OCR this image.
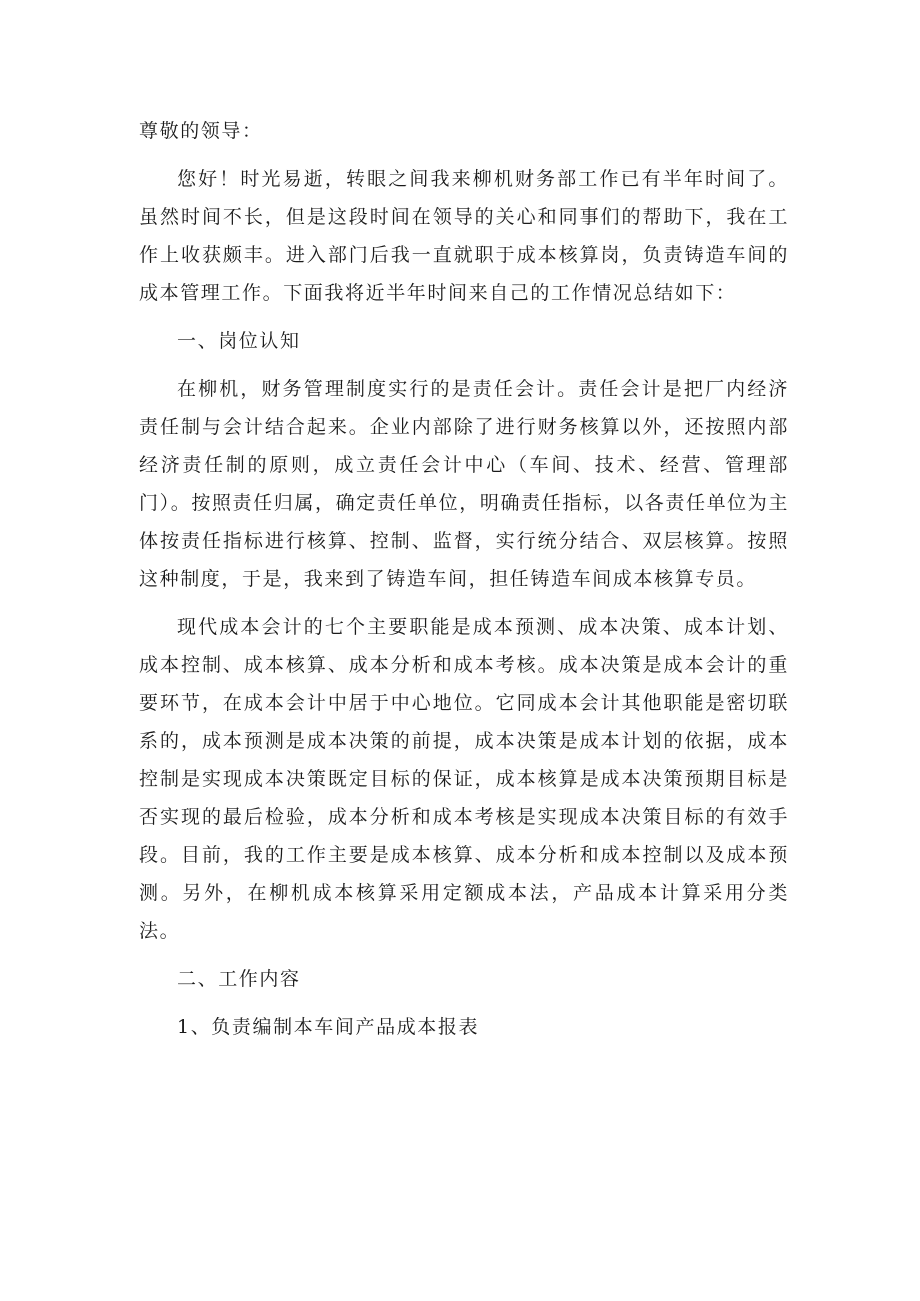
尊敬的领导：

您好！时光易逝，转眼之间我来柳机财务部工作已有半年时间了。虽然时间不长，但是这段时间在领导的关心和同事们的帮助下，我在工作上收获颇丰。进入部门后我一直就职于成本核算岗，负责铸造车间的成本管理工作。下面我将近半年时间来自己的工作情况总结如下：

一、岗位认知

在柳机，财务管理制度实行的是责任会计。责任会计是把厂内经济责任制与会计结合起来。企业内部除了进行财务核算以外，还按照内部经济责任制的原则，成立责任会计中心（车间、技术、经营、管理部门）。按照责任归属，确定责任单位，明确责任指标，以各责任单位为主体按责任指标进行核算、控制、监督，实行统分结合、双层核算。按照这种制度，于是，我来到了铸造车间，担任铸造车间成本核算专员。

现代成本会计的七个主要职能是成本预测、成本决策、成本计划、成本控制、成本核算、成本分析和成本考核。成本决策是成本会计的重要环节，在成本会计中居于中心地位。它同成本会计其他职能是密切联系的，成本预测是成本决策的前提，成本决策是成本计划的依据，成本控制是实现成本决策既定目标的保证，成本核算是成本决策预期目标是否实现的最后检验，成本分析和成本考核是实现成本决策目标的有效手段。目前，我的工作主要是成本核算、成本分析和成本控制以及成本预测。另外，在柳机成本核算采用定额成本法，产品成本计算采用分类法。

二、工作内容

1、负责编制本车间产品成本报表
